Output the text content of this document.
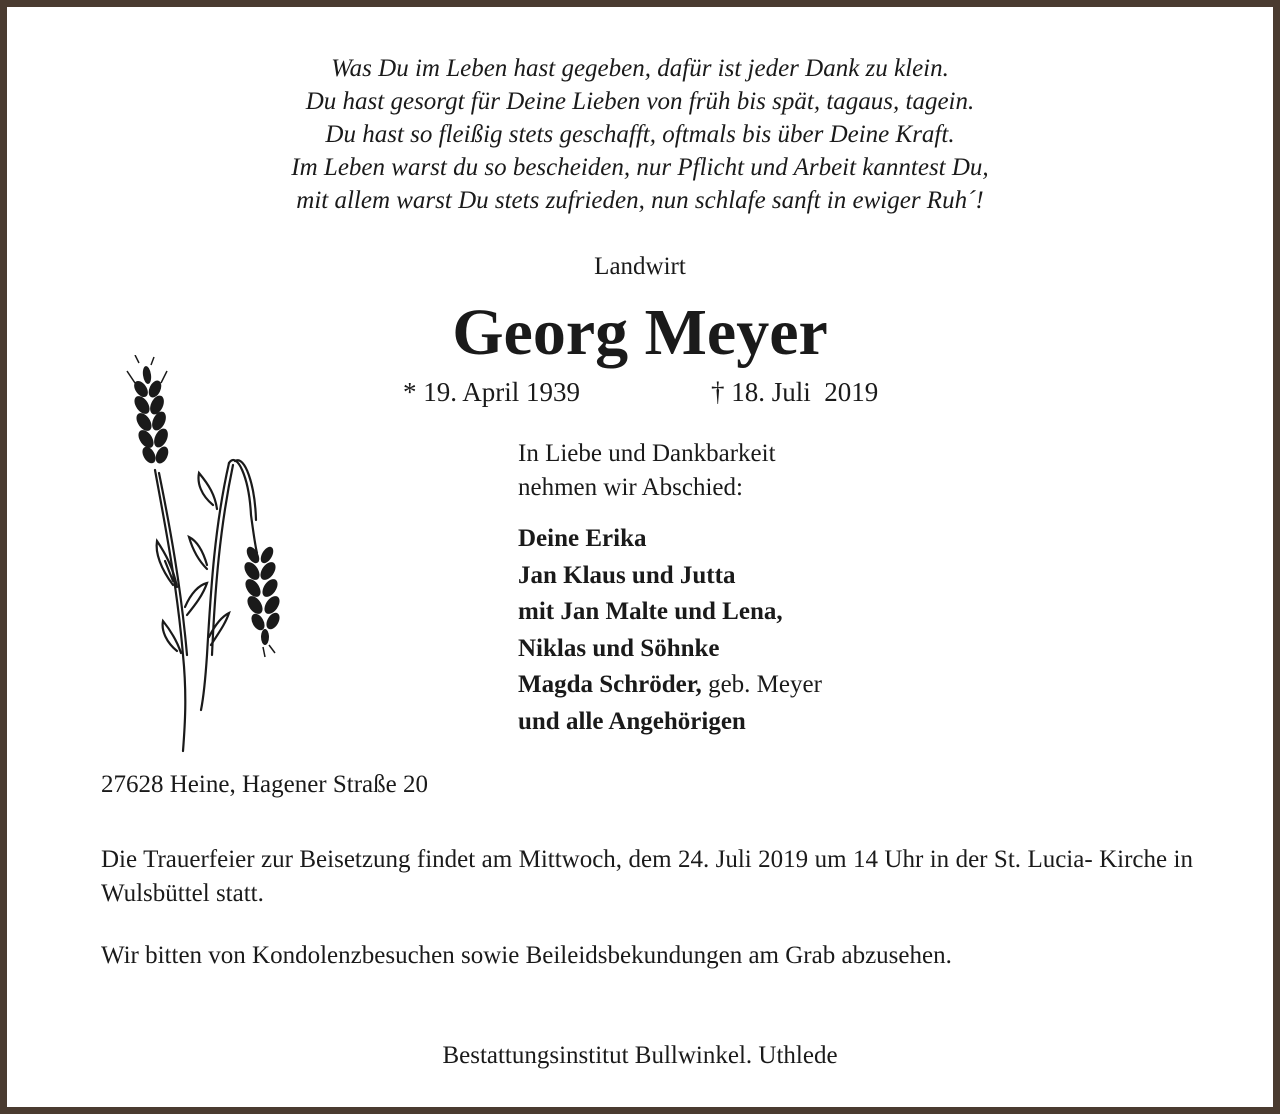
Was Du im Leben hast gegeben, dafür ist jeder Dank zu klein.
Du hast gesorgt für Deine Lieben von früh bis spät, tagaus, tagein.
Du hast so fleißig stets geschafft, oftmals bis über Deine Kraft.
Im Leben warst du so bescheiden, nur Pflicht und Arbeit kanntest Du,
mit allem warst Du stets zufrieden, nun schlafe sanft in ewiger Ruh´!
Landwirt
Georg Meyer
* 19. April 1939	† 18. Juli  2019
In Liebe und Dankbarkeit
nehmen wir Abschied:
Deine Erika
Jan Klaus und Jutta
mit Jan Malte und Lena,
Niklas und Söhnke
Magda Schröder, geb. Meyer
und alle Angehörigen
27628 Heine, Hagener Straße 20
Die Trauerfeier zur Beisetzung findet am Mittwoch, dem 24. Juli 2019 um 14 Uhr in der St. Lucia- Kirche in Wulsbüttel statt.
Wir bitten von Kondolenzbesuchen sowie Beileidsbekundungen am Grab abzusehen.
Bestattungsinstitut Bullwinkel. Uthlede
